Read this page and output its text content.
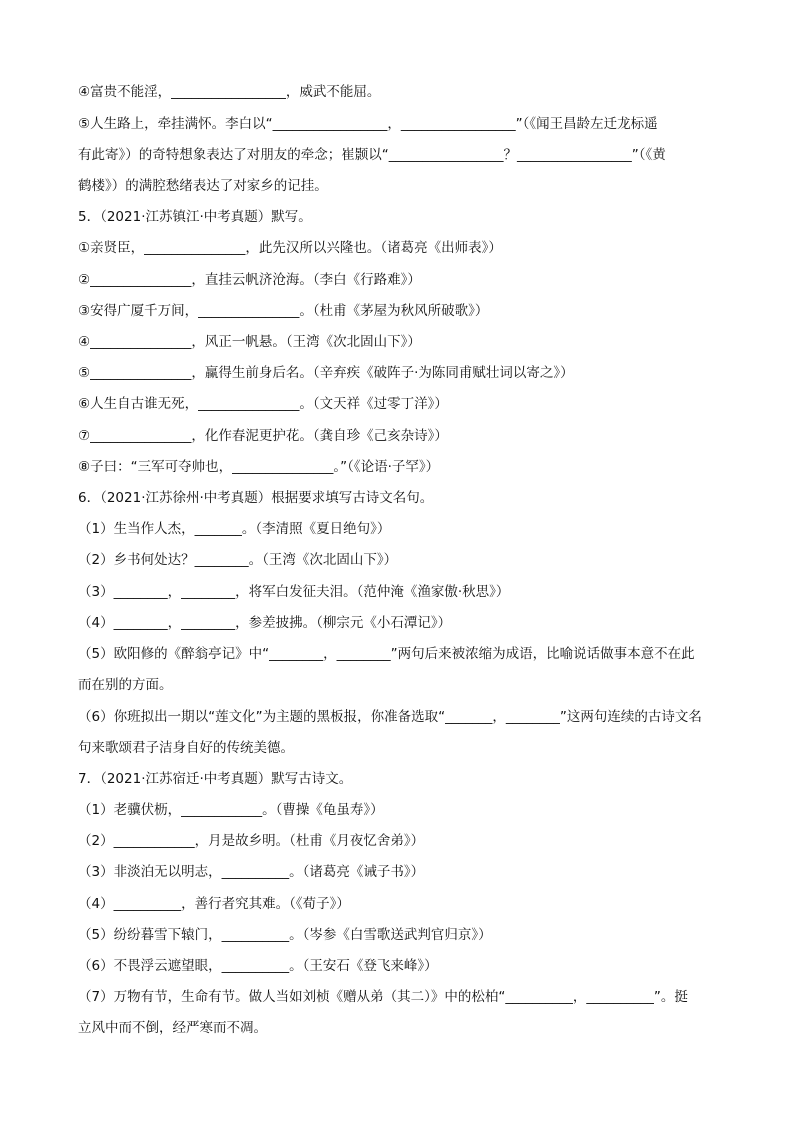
④富贵不能淫，_________________，威武不能屈。
⑤人生路上，牵挂满怀。李白以“_________________，_________________”（《闻王昌龄左迁龙标遥
有此寄》）的奇特想象表达了对朋友的牵念；崔颢以“_________________？_________________”（《黄
鹤楼》）的满腔愁绪表达了对家乡的记挂。
5．（2021·江苏镇江·中考真题）默写。
①亲贤臣，_______________，此先汉所以兴隆也。（诸葛亮《出师表》）
②_______________，直挂云帆济沧海。（李白《行路难》）
③安得广厦千万间，_______________。（杜甫《茅屋为秋风所破歌》）
④_______________，风正一帆悬。（王湾《次北固山下》）
⑤_______________，赢得生前身后名。（辛弃疾《破阵子·为陈同甫赋壮词以寄之》）
⑥人生自古谁无死，_______________。（文天祥《过零丁洋》）
⑦_______________，化作春泥更护花。（龚自珍《己亥杂诗》）
⑧子曰：“三军可夺帅也，_______________。”（《论语·子罕》）
6．（2021·江苏徐州·中考真题）根据要求填写古诗文名句。
（1）生当作人杰，_______。（李清照《夏日绝句》）
（2）乡书何处达？________。（王湾《次北固山下》）
（3）________，________，将军白发征夫泪。（范仲淹《渔家傲·秋思》）
（4）________，________，参差披拂。（柳宗元《小石潭记》）
（5）欧阳修的《醉翁亭记》中“________，________”两句后来被浓缩为成语，比喻说话做事本意不在此
而在别的方面。
（6）你班拟出一期以“莲文化”为主题的黑板报，你准备选取“_______，________”这两句连续的古诗文名
句来歌颂君子洁身自好的传统美德。
7．（2021·江苏宿迁·中考真题）默写古诗文。
（1）老骥伏枥，____________。（曹操《龟虽寿》）
（2）____________，月是故乡明。（杜甫《月夜忆舍弟》）
（3）非淡泊无以明志，__________。（诸葛亮《诫子书》）
（4）__________，善行者究其难。（《荀子》）
（5）纷纷暮雪下辕门，__________。（岑参《白雪歌送武判官归京》）
（6）不畏浮云遮望眼，__________。（王安石《登飞来峰》）
（7）万物有节，生命有节。做人当如刘桢《赠从弟（其二）》中的松柏“__________，__________”。挺
立风中而不倒，经严寒而不凋。
